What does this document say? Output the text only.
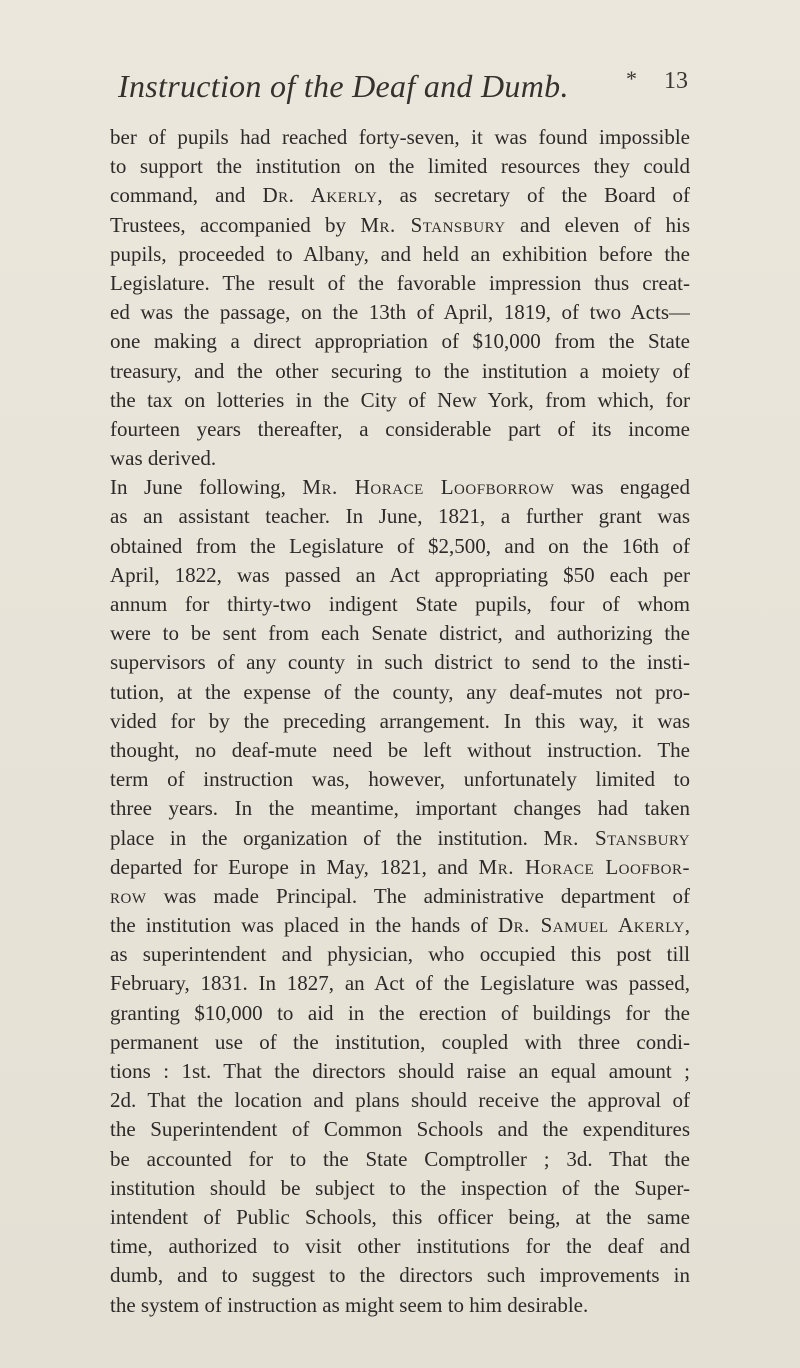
Instruction of the Deaf and Dumb.	* 13
ber of pupils had reached forty-seven, it was found impossible
to support the institution on the limited resources they could
command, and Dr. Akerly, as secretary of the Board of
Trustees, accompanied by Mr. Stansbury and eleven of his
pupils, proceeded to Albany, and held an exhibition before the
Legislature. The result of the favorable impression thus creat-
ed was the passage, on the 13th of April, 1819, of two Acts—
one making a direct appropriation of $10,000 from the State
treasury, and the other securing to the institution a moiety of
the tax on lotteries in the City of New York, from which, for
fourteen years thereafter, a considerable part of its income
was derived.
In June following, Mr. Horace Loofborrow was engaged
as an assistant teacher. In June, 1821, a further grant was
obtained from the Legislature of $2,500, and on the 16th of
April, 1822, was passed an Act appropriating $50 each per
annum for thirty-two indigent State pupils, four of whom
were to be sent from each Senate district, and authorizing the
supervisors of any county in such district to send to the insti-
tution, at the expense of the county, any deaf-mutes not pro-
vided for by the preceding arrangement. In this way, it was
thought, no deaf-mute need be left without instruction. The
term of instruction was, however, unfortunately limited to
three years. In the meantime, important changes had taken
place in the organization of the institution. Mr. Stansbury
departed for Europe in May, 1821, and Mr. Horace Loofbor-
row was made Principal. The administrative department of
the institution was placed in the hands of Dr. Samuel Akerly,
as superintendent and physician, who occupied this post till
February, 1831. In 1827, an Act of the Legislature was passed,
granting $10,000 to aid in the erection of buildings for the
permanent use of the institution, coupled with three condi-
tions : 1st. That the directors should raise an equal amount ;
2d. That the location and plans should receive the approval of
the Superintendent of Common Schools and the expenditures
be accounted for to the State Comptroller ; 3d. That the
institution should be subject to the inspection of the Super-
intendent of Public Schools, this officer being, at the same
time, authorized to visit other institutions for the deaf and
dumb, and to suggest to the directors such improvements in
the system of instruction as might seem to him desirable.
